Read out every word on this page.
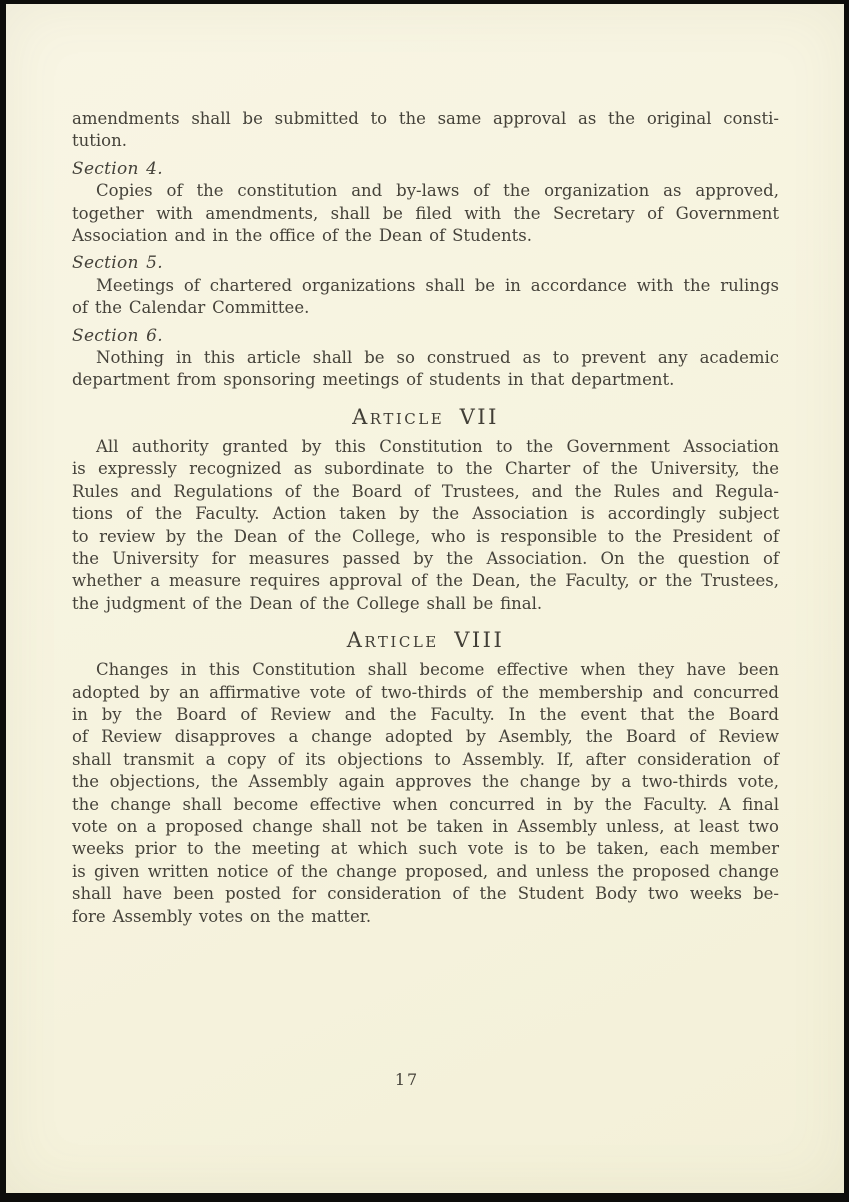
amendments shall be submitted to the same approval as the original consti-
tution.
Section 4.
Copies of the constitution and by-laws of the organization as approved,
together with amendments, shall be filed with the Secretary of Government
Association and in the office of the Dean of Students.
Section 5.
Meetings of chartered organizations shall be in accordance with the rulings
of the Calendar Committee.
Section 6.
Nothing in this article shall be so construed as to prevent any academic
department from sponsoring meetings of students in that department.
Article VII
All authority granted by this Constitution to the Government Association
is expressly recognized as subordinate to the Charter of the University, the
Rules and Regulations of the Board of Trustees, and the Rules and Regula-
tions of the Faculty. Action taken by the Association is accordingly subject
to review by the Dean of the College, who is responsible to the President of
the University for measures passed by the Association. On the question of
whether a measure requires approval of the Dean, the Faculty, or the Trustees,
the judgment of the Dean of the College shall be final.
Article VIII
Changes in this Constitution shall become effective when they have been
adopted by an affirmative vote of two-thirds of the membership and concurred
in by the Board of Review and the Faculty. In the event that the Board
of Review disapproves a change adopted by Asembly, the Board of Review
shall transmit a copy of its objections to Assembly. If, after consideration of
the objections, the Assembly again approves the change by a two-thirds vote,
the change shall become effective when concurred in by the Faculty. A final
vote on a proposed change shall not be taken in Assembly unless, at least two
weeks prior to the meeting at which such vote is to be taken, each member
is given written notice of the change proposed, and unless the proposed change
shall have been posted for consideration of the Student Body two weeks be-
fore Assembly votes on the matter.
17
